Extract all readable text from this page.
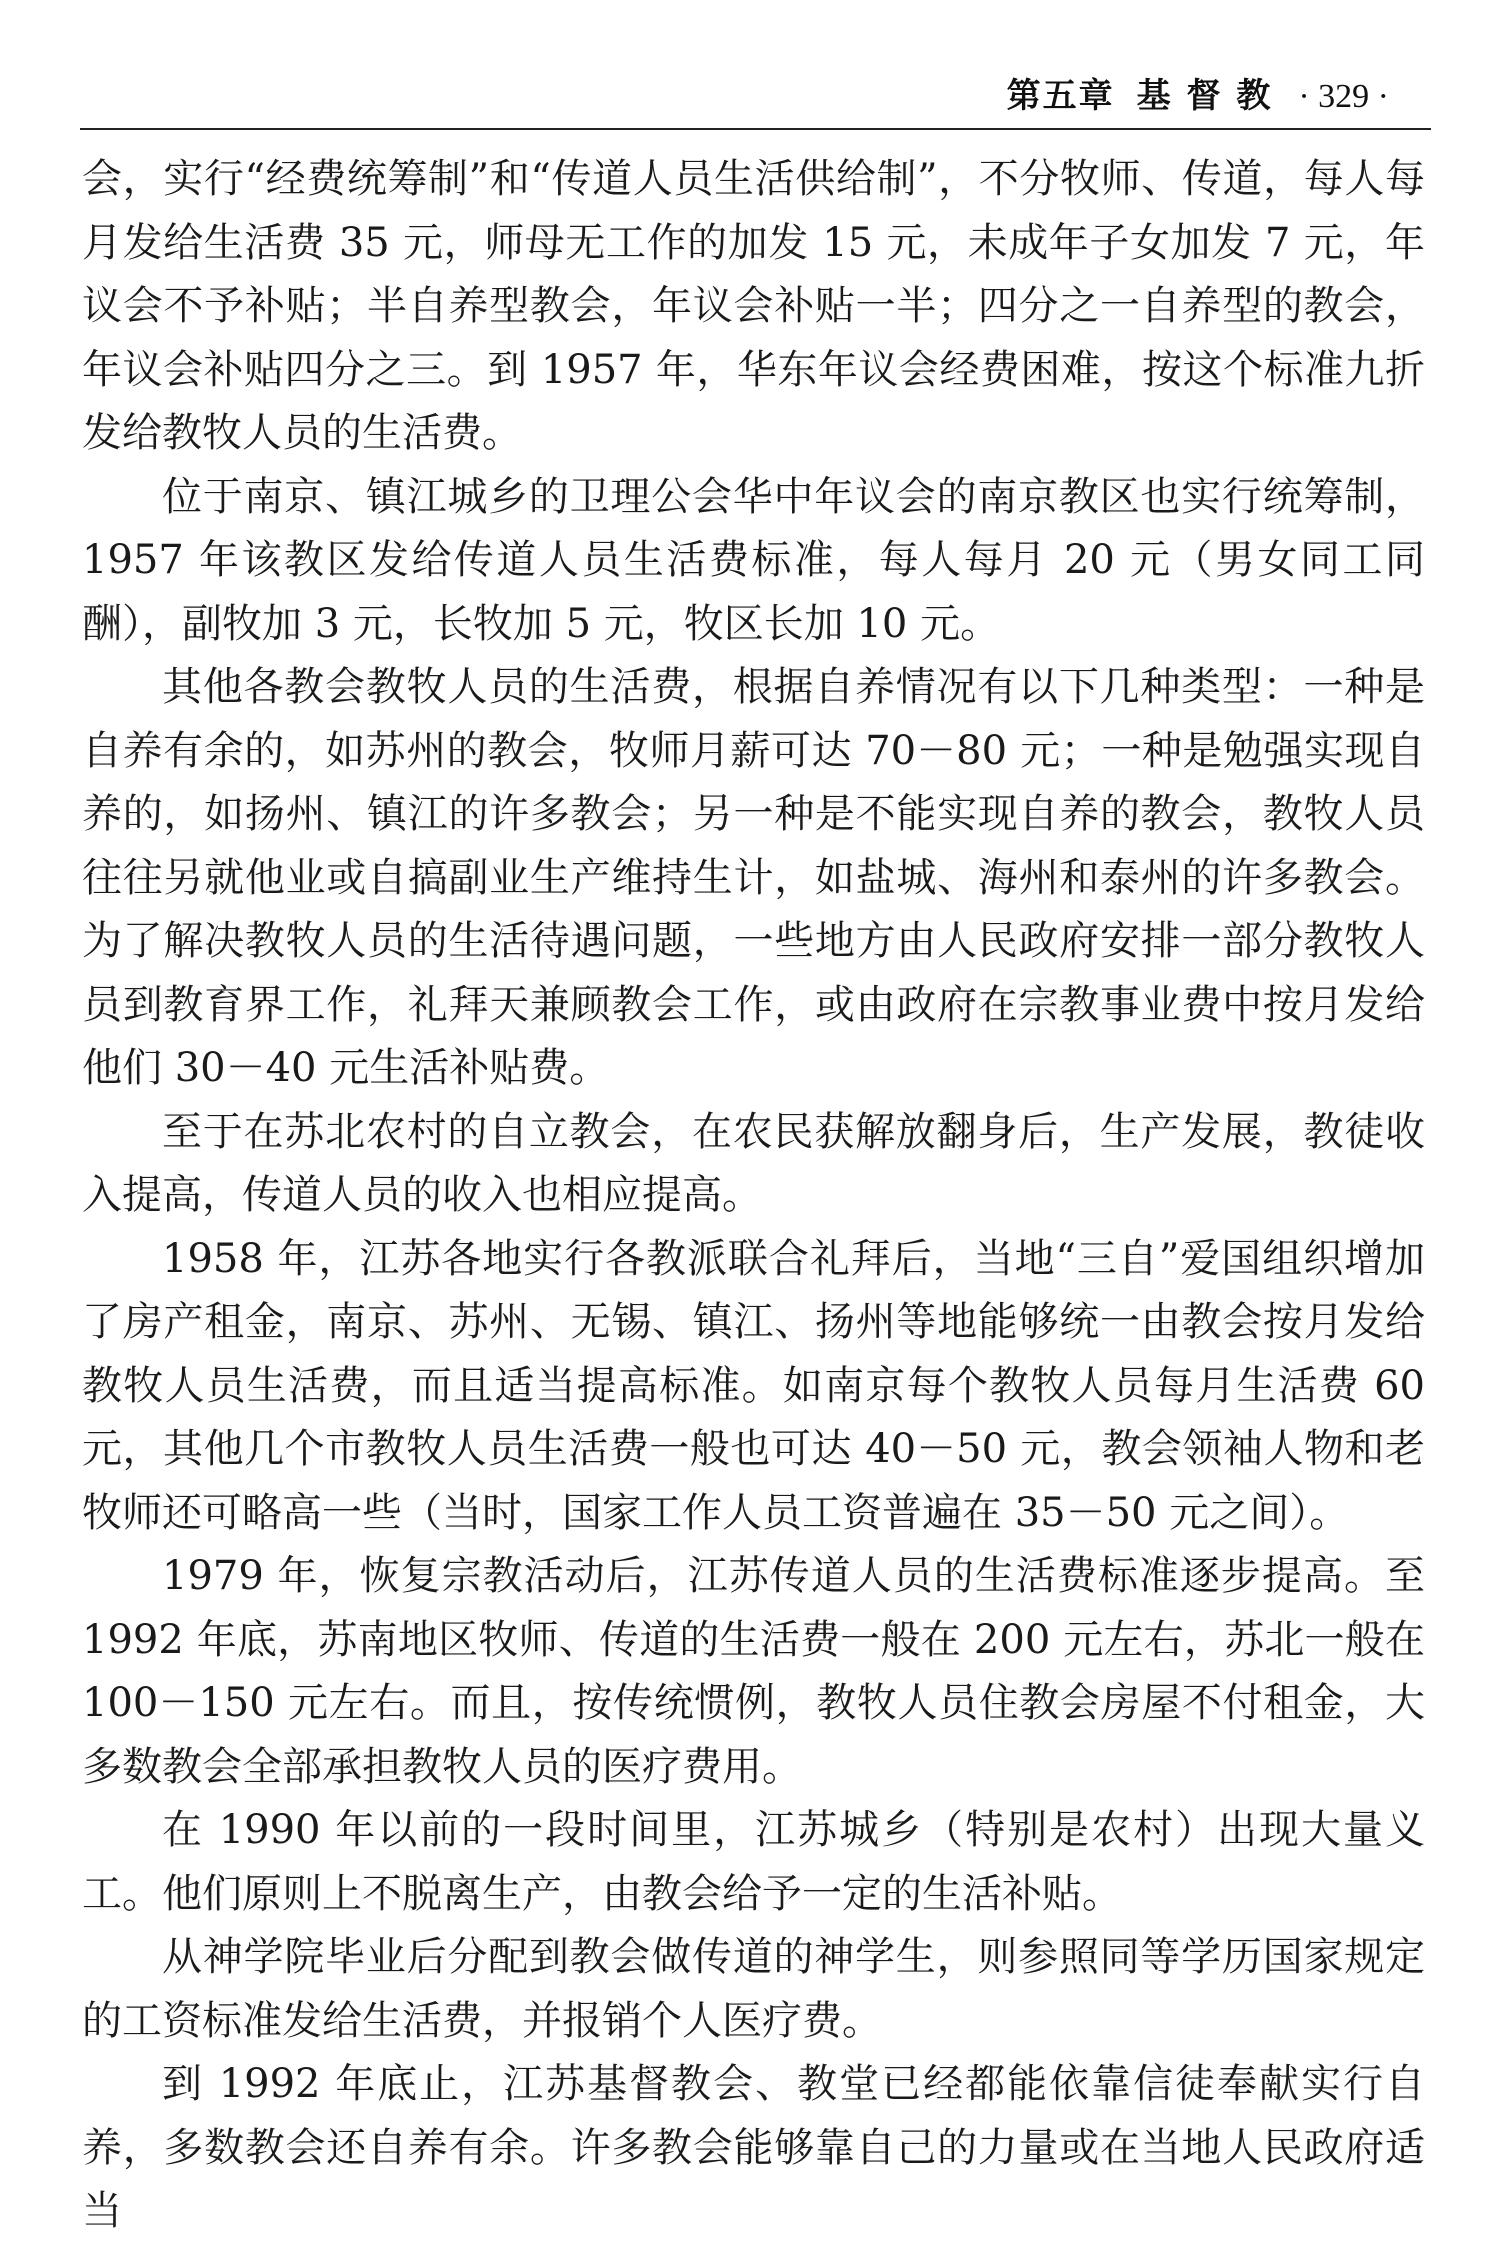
第五章 基 督 教 · 329 ·

会，实行“经费统筹制”和“传道人员生活供给制”，不分牧师、传道，每人每月发给生活费 35 元，师母无工作的加发 15 元，未成年子女加发 7 元，年议会不予补贴；半自养型教会，年议会补贴一半；四分之一自养型的教会，年议会补贴四分之三。到 1957 年，华东年议会经费困难，按这个标准九折发给教牧人员的生活费。

位于南京、镇江城乡的卫理公会华中年议会的南京教区也实行统筹制，1957 年该教区发给传道人员生活费标准，每人每月 20 元（男女同工同酬），副牧加 3 元，长牧加 5 元，牧区长加 10 元。

其他各教会教牧人员的生活费，根据自养情况有以下几种类型：一种是自养有余的，如苏州的教会，牧师月薪可达 70－80 元；一种是勉强实现自养的，如扬州、镇江的许多教会；另一种是不能实现自养的教会，教牧人员往往另就他业或自搞副业生产维持生计，如盐城、海州和泰州的许多教会。为了解决教牧人员的生活待遇问题，一些地方由人民政府安排一部分教牧人员到教育界工作，礼拜天兼顾教会工作，或由政府在宗教事业费中按月发给他们 30－40 元生活补贴费。

至于在苏北农村的自立教会，在农民获解放翻身后，生产发展，教徒收入提高，传道人员的收入也相应提高。

1958 年，江苏各地实行各教派联合礼拜后，当地“三自”爱国组织增加了房产租金，南京、苏州、无锡、镇江、扬州等地能够统一由教会按月发给教牧人员生活费，而且适当提高标准。如南京每个教牧人员每月生活费 60 元，其他几个市教牧人员生活费一般也可达 40－50 元，教会领袖人物和老牧师还可略高一些（当时，国家工作人员工资普遍在 35－50 元之间）。

1979 年，恢复宗教活动后，江苏传道人员的生活费标准逐步提高。至 1992 年底，苏南地区牧师、传道的生活费一般在 200 元左右，苏北一般在 100－150 元左右。而且，按传统惯例，教牧人员住教会房屋不付租金，大多数教会全部承担教牧人员的医疗费用。

在 1990 年以前的一段时间里，江苏城乡（特别是农村）出现大量义工。他们原则上不脱离生产，由教会给予一定的生活补贴。

从神学院毕业后分配到教会做传道的神学生，则参照同等学历国家规定的工资标准发给生活费，并报销个人医疗费。

到 1992 年底止，江苏基督教会、教堂已经都能依靠信徒奉献实行自养，多数教会还自养有余。许多教会能够靠自己的力量或在当地人民政府适当
